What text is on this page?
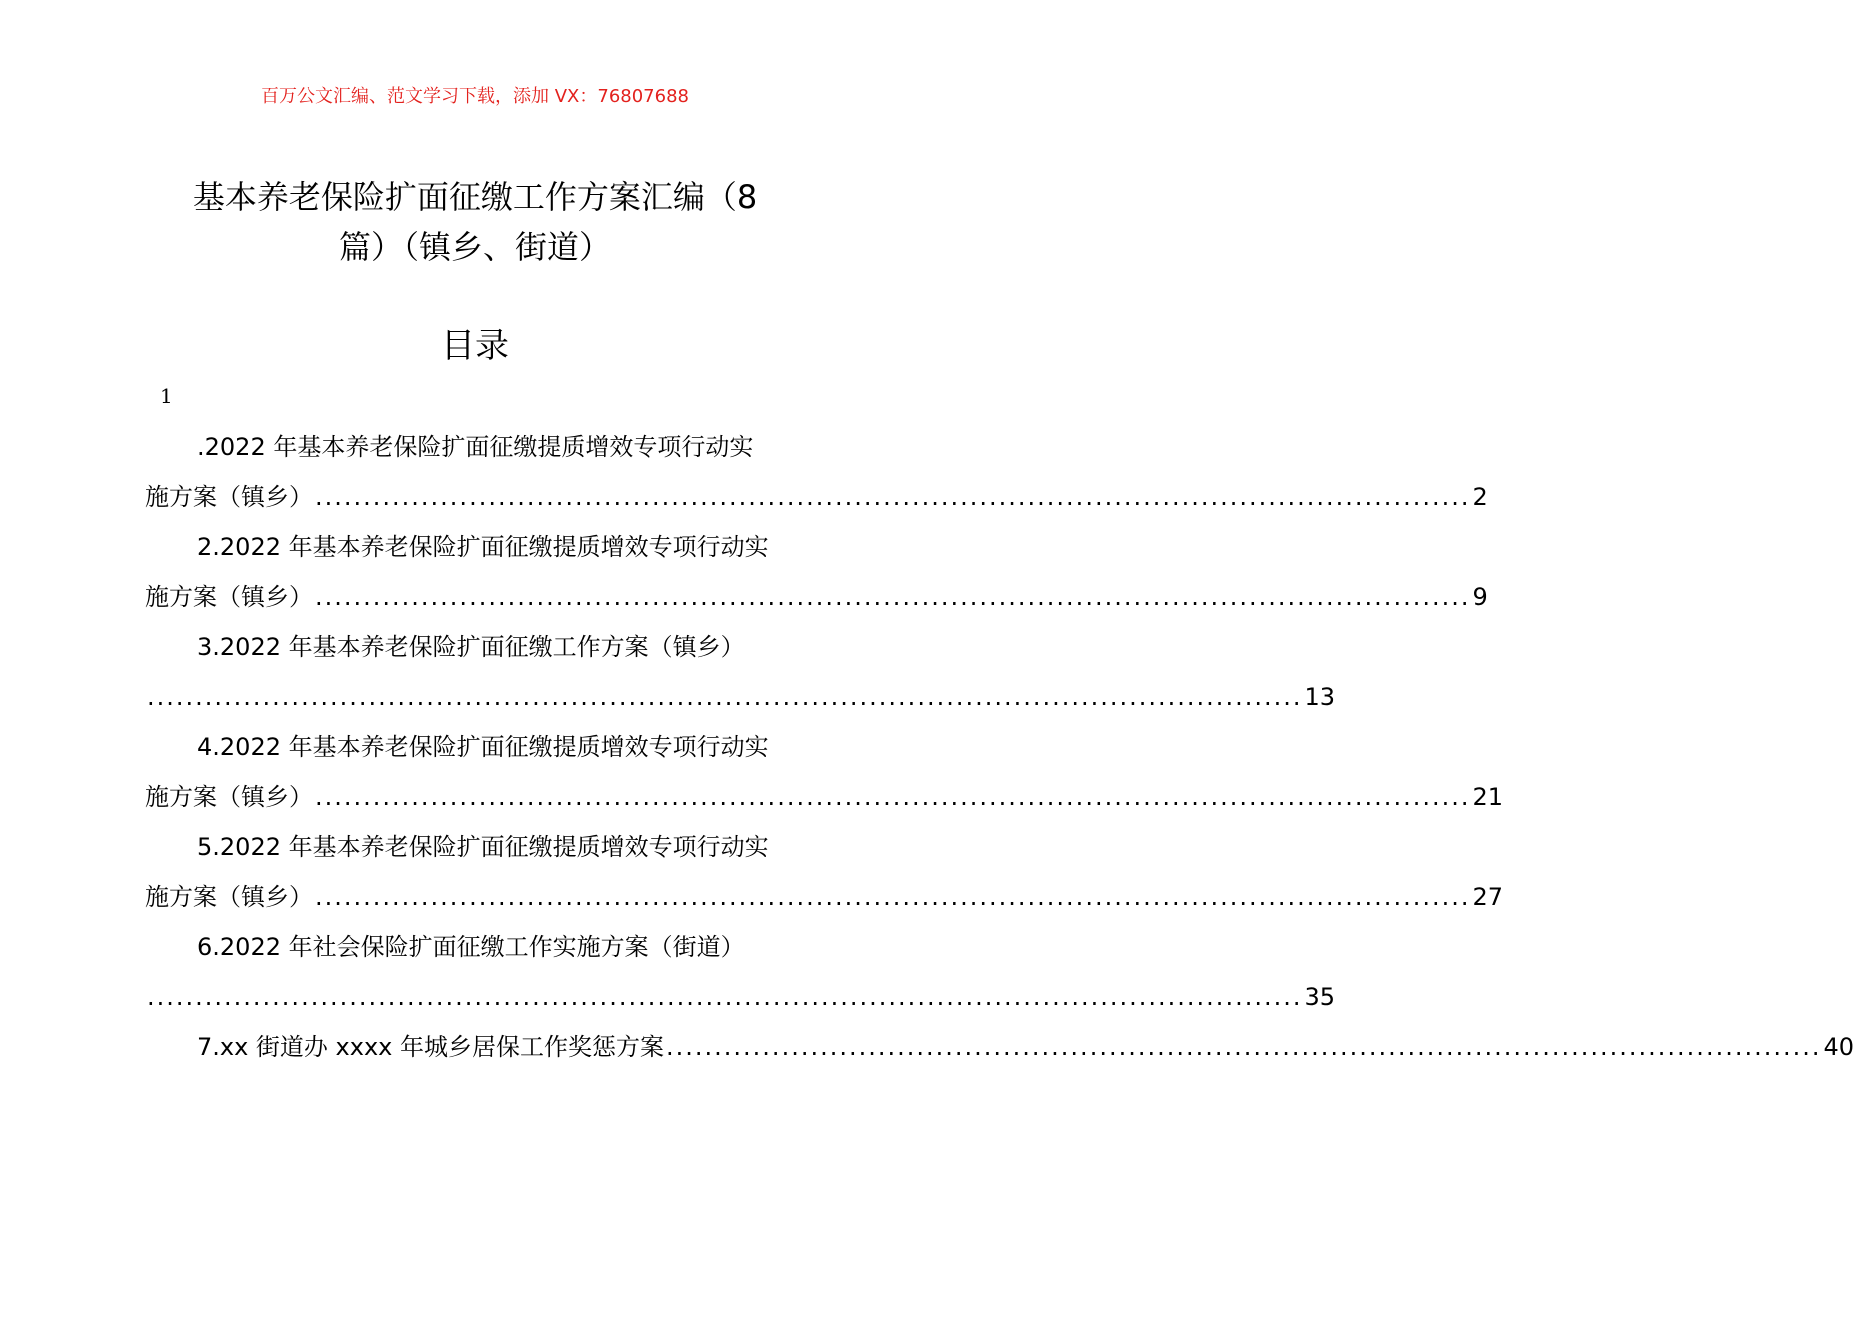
百万公文汇编、范文学习下载，添加 VX：76807688
基本养老保险扩面征缴工作方案汇编（8
篇）（镇乡、街道）
目录
1
.2022 年基本养老保险扩面征缴提质增效专项行动实
施方案（镇乡） ........................................................................................................................ 2
2.2022 年基本养老保险扩面征缴提质增效专项行动实
施方案（镇乡） ........................................................................................................................ 9
3.2022 年基本养老保险扩面征缴工作方案（镇乡）
........................................................................................................................ 13
4.2022 年基本养老保险扩面征缴提质增效专项行动实
施方案（镇乡） ........................................................................................................................ 21
5.2022 年基本养老保险扩面征缴提质增效专项行动实
施方案（镇乡） ........................................................................................................................ 27
6.2022 年社会保险扩面征缴工作实施方案（街道）
........................................................................................................................ 35
7.xx 街道办 xxxx 年城乡居保工作奖惩方案 ........................................................................................................................ 40
